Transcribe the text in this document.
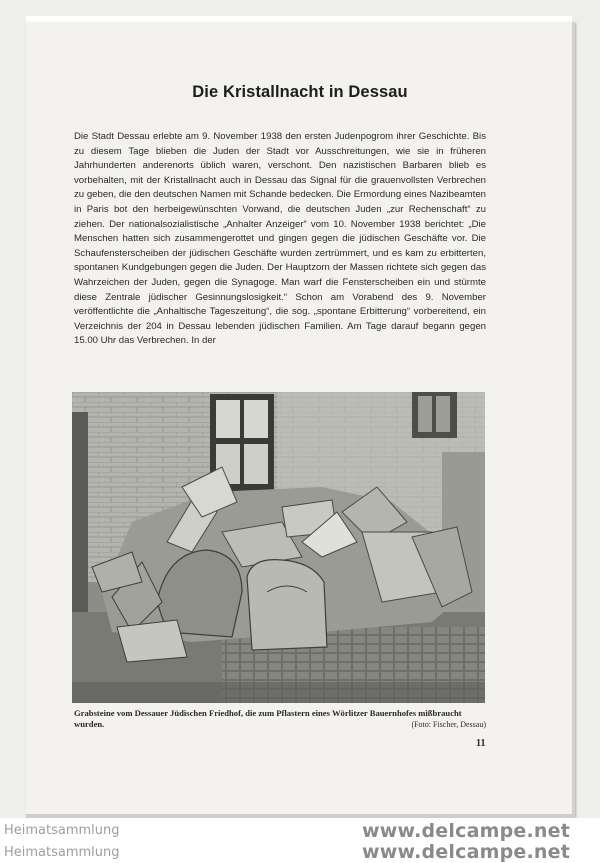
Die Kristallnacht in Dessau

Die Stadt Dessau erlebte am 9. November 1938 den ersten Judenpogrom ihrer Geschichte. Bis zu diesem Tage blieben die Juden der Stadt vor Ausschreitungen, wie sie in früheren Jahrhunderten anderenorts üblich waren, verschont. Den nazistischen Barbaren blieb es vorbehalten, mit der Kristallnacht auch in Dessau das Signal für die grauenvollsten Verbrechen zu geben, die den deutschen Namen mit Schande bedecken. Die Ermordung eines Nazibeamten in Paris bot den herbeigewünschten Vorwand, die deutschen Juden „zur Rechenschaft“ zu ziehen. Der nationalsozialistische „Anhalter Anzeiger“ vom 10. November 1938 berichtet: „Die Menschen hatten sich zusammengerottet und gingen gegen die jüdischen Geschäfte vor. Die Schaufensterscheiben der jüdischen Geschäfte wurden zertrümmert, und es kam zu erbitterten, spontanen Kundgebungen gegen die Juden. Der Hauptzorn der Massen richtete sich gegen das Wahrzeichen der Juden, gegen die Synagoge. Man warf die Fensterscheiben ein und stürmte diese Zentrale jüdischer Gesinnungslosigkeit.“ Schon am Vorabend des 9. November veröffentlichte die „Anhaltische Tageszeitung“, die sog. „spontane Erbitterung“ vorbereitend, ein Verzeichnis der 204 in Dessau lebenden jüdischen Familien. Am Tage darauf begann gegen 15.00 Uhr das Verbrechen. In der

Grabsteine vom Dessauer Jüdischen Friedhof, die zum Pflastern eines Wörlitzer Bauernhofes mißbraucht wurden.	(Foto: Fischer, Dessau)
11
Heimatsammlung	www.delcampe.net
Heimatsammlung	www.delcampe.net
